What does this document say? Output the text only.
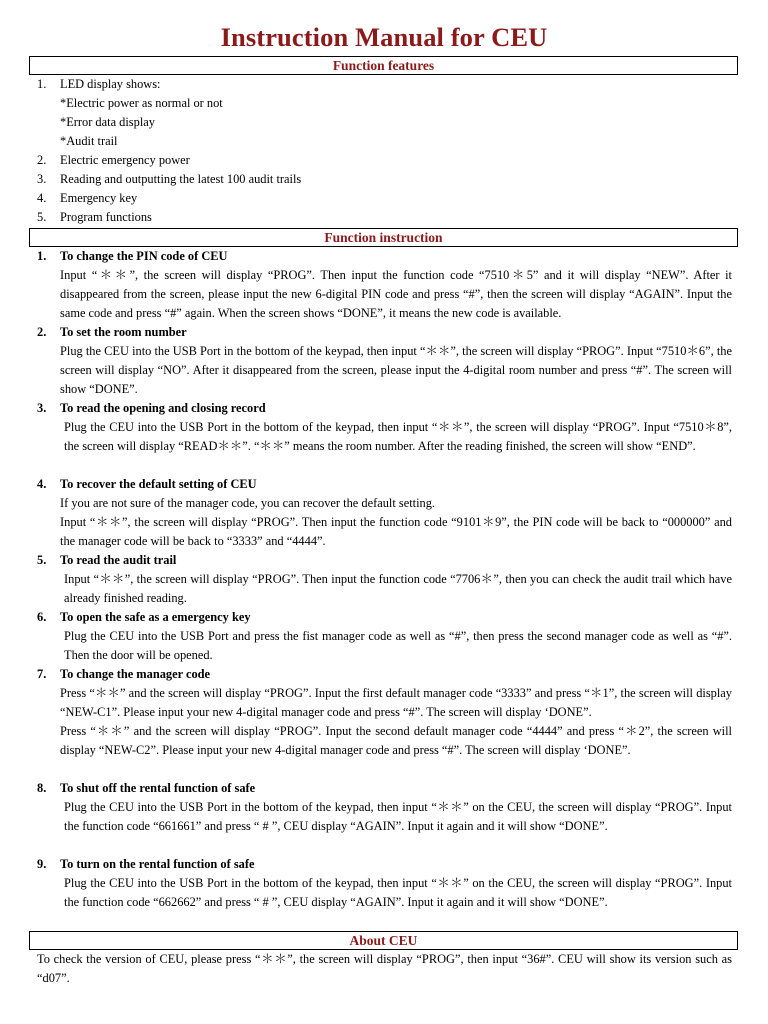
Instruction Manual for CEU
Function features
1. LED display shows:
*Electric power as normal or not
*Error data display
*Audit trail
2. Electric emergency power
3. Reading and outputting the latest 100 audit trails
4. Emergency key
5. Program functions
Function instruction
1. To change the PIN code of CEU

Input “＊＊”, the screen will display “PROG”. Then input the function code “7510＊5” and it will display “NEW”. After it disappeared from the screen, please input the new 6-digital PIN code and press “#”, then the screen will display “AGAIN”. Input the same code and press “#” again. When the screen shows “DONE”, it means the new code is available.

2. To set the room number

Plug the CEU into the USB Port in the bottom of the keypad, then input “＊＊”, the screen will display “PROG”. Input “7510＊6”, the screen will display “NO”. After it disappeared from the screen, please input the 4-digital room number and press “#”. The screen will show “DONE”.

3. To read the opening and closing record

Plug the CEU into the USB Port in the bottom of the keypad, then input “＊＊”, the screen will display “PROG”. Input “7510＊8”, the screen will display “READ＊＊”. “＊＊” means the room number. After the reading finished, the screen will show “END”.

4. To recover the default setting of CEU

If you are not sure of the manager code, you can recover the default setting.

Input “＊＊”, the screen will display “PROG”. Then input the function code “9101＊9”, the PIN code will be back to “000000” and the manager code will be back to “3333” and “4444”.

5. To read the audit trail

Input “＊＊”, the screen will display “PROG”. Then input the function code “7706＊”, then you can check the audit trail which have already finished reading.

6. To open the safe as a emergency key

Plug the CEU into the USB Port and press the fist manager code as well as “#”, then press the second manager code as well as “#”. Then the door will be opened.

7. To change the manager code

Press “＊＊” and the screen will display “PROG”. Input the first default manager code “3333” and press “＊1”, the screen will display “NEW-C1”. Please input your new 4-digital manager code and press “#”. The screen will display ‘DONE”.

Press “＊＊” and the screen will display “PROG”. Input the second default manager code “4444” and press “＊2”, the screen will display “NEW-C2”. Please input your new 4-digital manager code and press “#”. The screen will display ‘DONE”.

8. To shut off the rental function of safe

Plug the CEU into the USB Port in the bottom of the keypad, then input “＊＊” on the CEU, the screen will display “PROG”. Input the function code “661661” and press “ # ”, CEU display “AGAIN”. Input it again and it will show “DONE”.

9. To turn on the rental function of safe

Plug the CEU into the USB Port in the bottom of the keypad, then input “＊＊” on the CEU, the screen will display “PROG”. Input the function code “662662” and press “ # ”, CEU display “AGAIN”. Input it again and it will show “DONE”.

About CEU

To check the version of CEU, please press “＊＊”, the screen will display “PROG”, then input “36#”. CEU will show its version such as “d07”.
